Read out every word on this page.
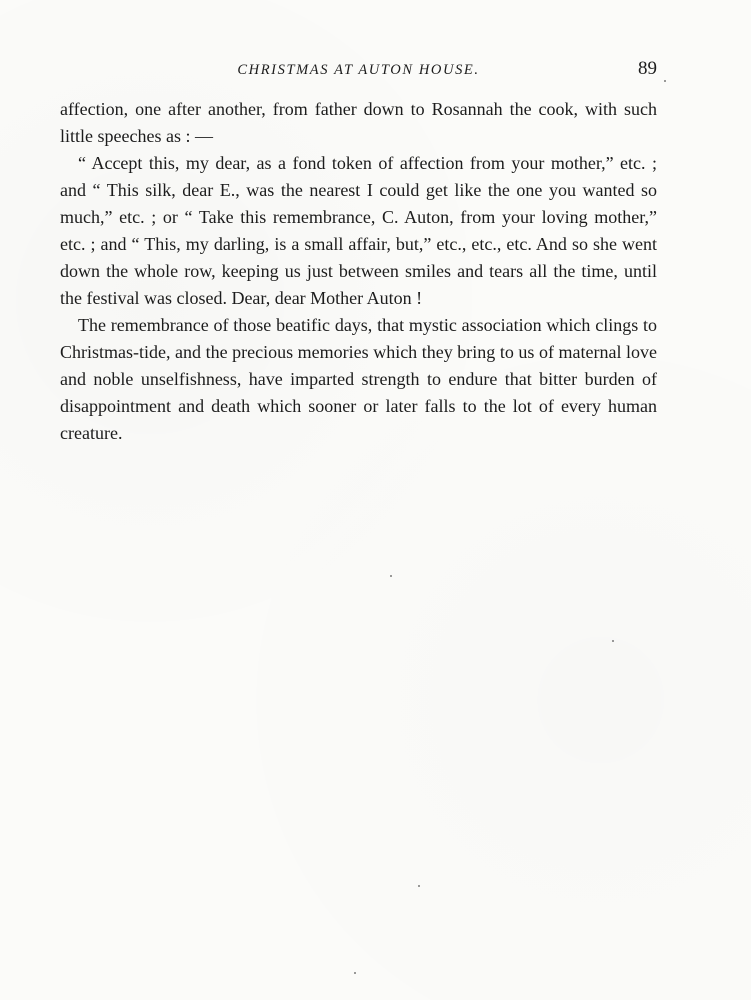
CHRISTMAS AT AUTON HOUSE.	89

affection, one after another, from father down to Rosannah the cook, with such little speeches as : —

“ Accept this, my dear, as a fond token of affection from your mother,” etc. ; and “ This silk, dear E., was the nearest I could get like the one you wanted so much,” etc. ; or “ Take this remembrance, C. Auton, from your loving mother,” etc. ; and “ This, my darling, is a small affair, but,” etc., etc., etc. And so she went down the whole row, keeping us just between smiles and tears all the time, until the festival was closed. Dear, dear Mother Auton !

The remembrance of those beatific days, that mystic association which clings to Christmas-tide, and the precious memories which they bring to us of maternal love and noble unselfishness, have imparted strength to endure that bitter burden of disappointment and death which sooner or later falls to the lot of every human creature.
